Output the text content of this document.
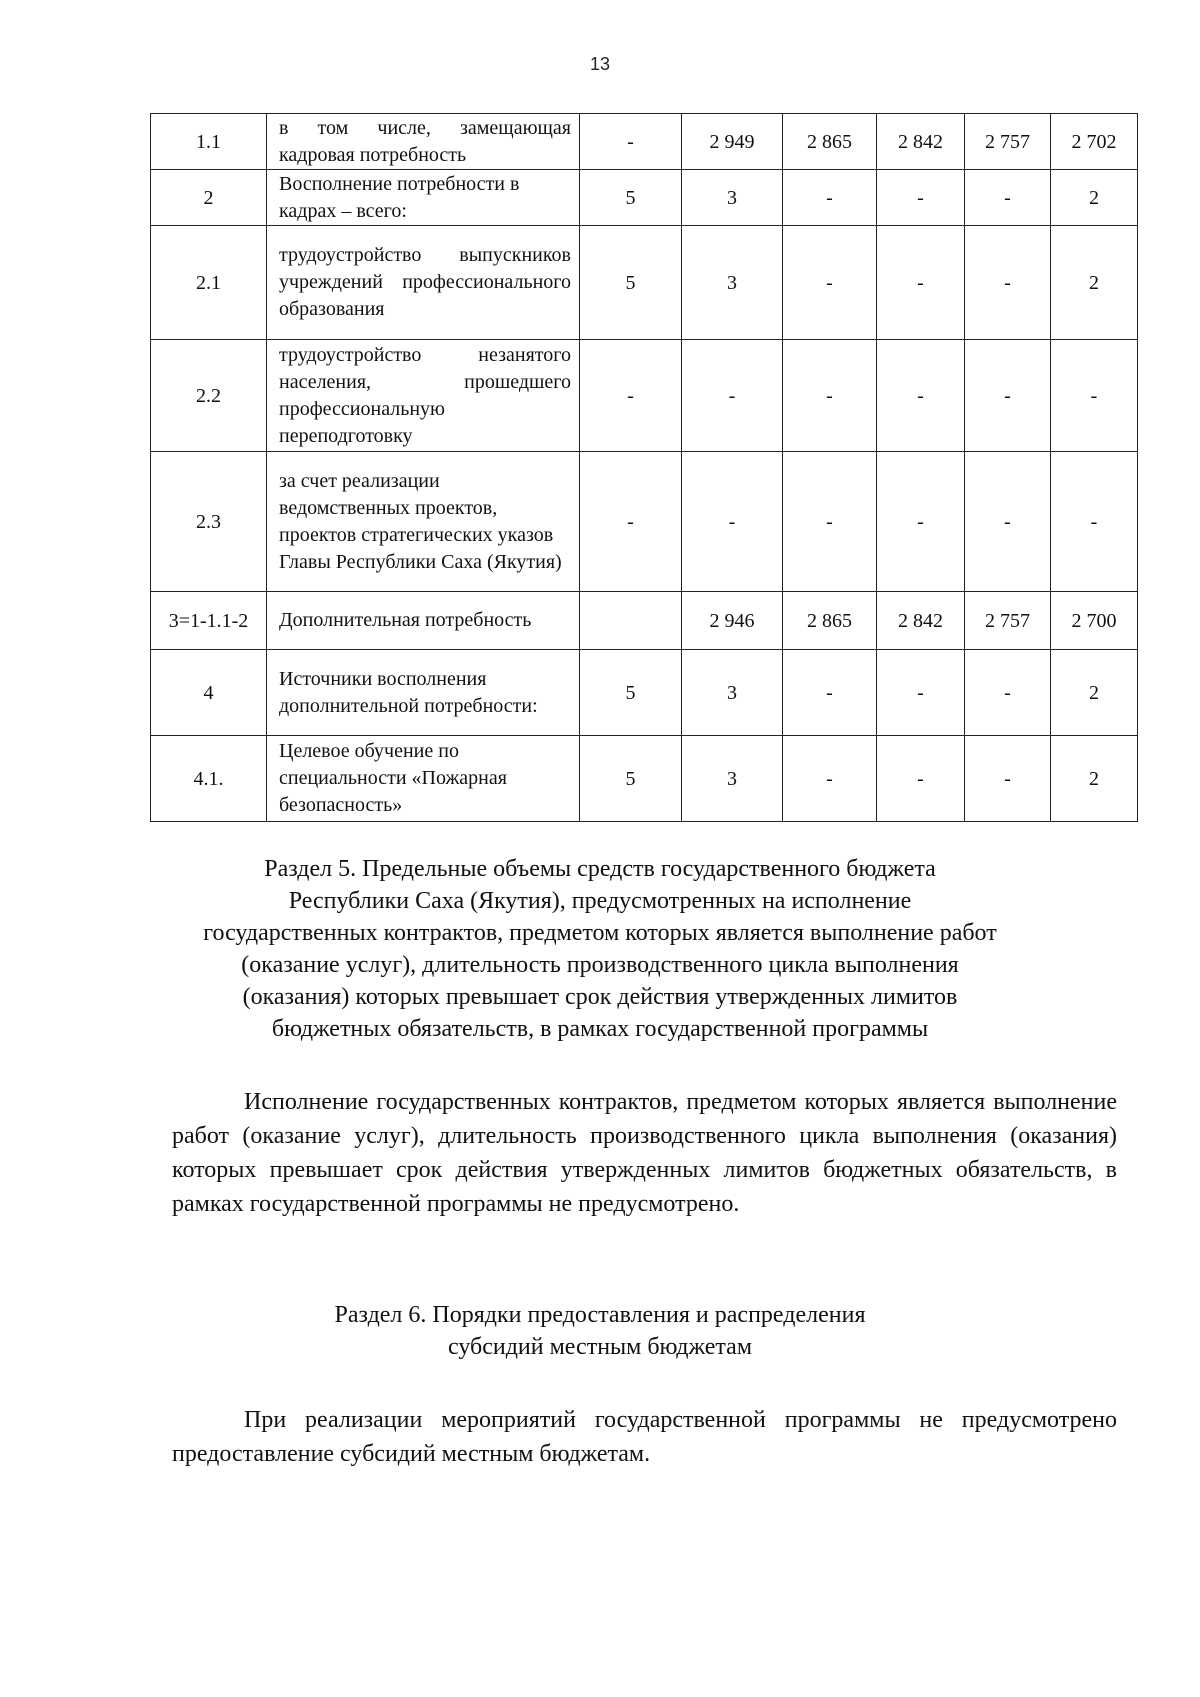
13
1.1	в том числе, замещающая кадровая потребность	-	2 949	2 865	2 842	2 757	2 702
2	Восполнение потребности в кадрах – всего:	5	3	-	-	-	2
2.1	трудоустройство выпускников учреждений профессионального образования	5	3	-	-	-	2
2.2	трудоустройство незанятого населения, прошедшего профессиональную переподготовку	-	-	-	-	-	-
2.3	за счет реализации ведомственных проектов, проектов стратегических указов Главы Республики Саха (Якутия)	-	-	-	-	-	-
3=1-1.1-2	Дополнительная потребность		2 946	2 865	2 842	2 757	2 700
4	Источники восполнения дополнительной потребности:	5	3	-	-	-	2
4.1.	Целевое обучение по специальности «Пожарная безопасность»	5	3	-	-	-	2
Раздел 5. Предельные объемы средств государственного бюджета
Республики Саха (Якутия), предусмотренных на исполнение
государственных контрактов, предметом которых является выполнение работ
(оказание услуг), длительность производственного цикла выполнения
(оказания) которых превышает срок действия утвержденных лимитов
бюджетных обязательств, в рамках государственной программы

Исполнение государственных контрактов, предметом которых является выполнение работ (оказание услуг), длительность производственного цикла выполнения (оказания) которых превышает срок действия утвержденных лимитов бюджетных обязательств, в рамках государственной программы не предусмотрено.

Раздел 6. Порядки предоставления и распределения
субсидий местным бюджетам

При реализации мероприятий государственной программы не предусмотрено предоставление субсидий местным бюджетам.
